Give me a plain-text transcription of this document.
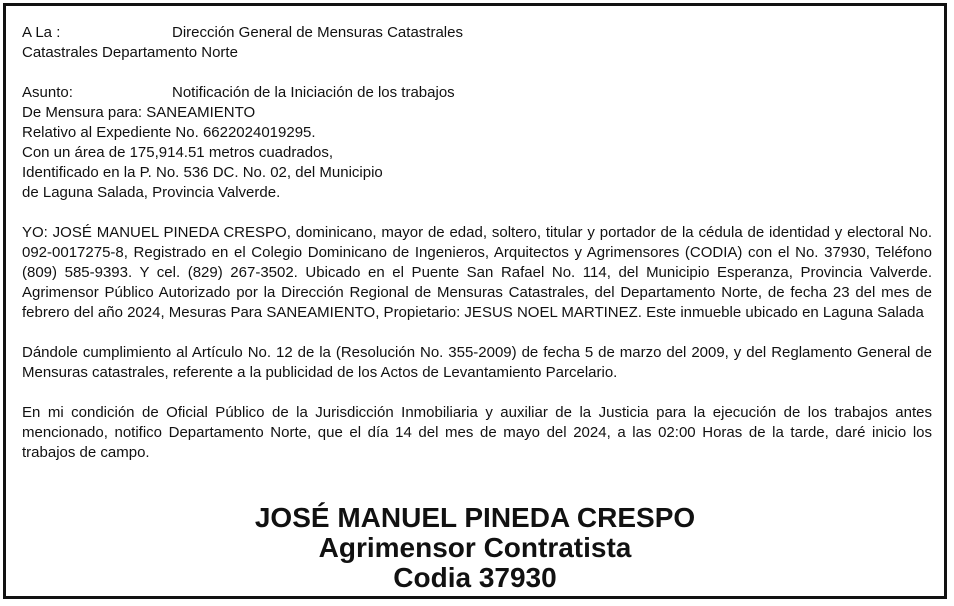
A La :	Dirección General de Mensuras Catastrales
Catastrales Departamento Norte
Asunto:	Notificación de la Iniciación de los trabajos
De Mensura para: SANEAMIENTO
Relativo al Expediente No. 6622024019295.
Con un área de 175,914.51 metros cuadrados,
Identificado en la P. No. 536 DC. No. 02, del Municipio
de Laguna Salada, Provincia Valverde.
YO: JOSÉ MANUEL PINEDA CRESPO, dominicano, mayor de edad, soltero, titular y portador de la cédula de identidad y electoral No. 092-0017275-8, Registrado en el Colegio Dominicano de Ingenieros, Arquitectos y Agrimensores (CODIA) con el No. 37930, Teléfono (809) 585-9393. Y cel. (829) 267-3502. Ubicado en el Puente San Rafael No. 114, del Municipio Esperanza, Provincia Valverde. Agrimensor Público Autorizado por la Dirección Regional de Mensuras Catastrales, del Departamento Norte, de fecha 23 del mes de febrero del año 2024, Mesuras Para SANEAMIENTO, Propietario: JESUS NOEL MARTINEZ. Este inmueble ubicado en Laguna Salada
Dándole cumplimiento al Artículo No. 12 de la (Resolución No. 355-2009) de fecha 5 de marzo del 2009, y del Reglamento General de Mensuras catastrales, referente a la publicidad de los Actos de Levantamiento Parcelario.
En mi condición de Oficial Público de la Jurisdicción Inmobiliaria y auxiliar de la Justicia para la ejecución de los trabajos antes mencionado, notifico Departamento Norte, que el día 14 del mes de mayo del 2024, a las 02:00 Horas de la tarde, daré inicio los trabajos de campo.
JOSÉ MANUEL PINEDA CRESPO
Agrimensor Contratista
Codia 37930
